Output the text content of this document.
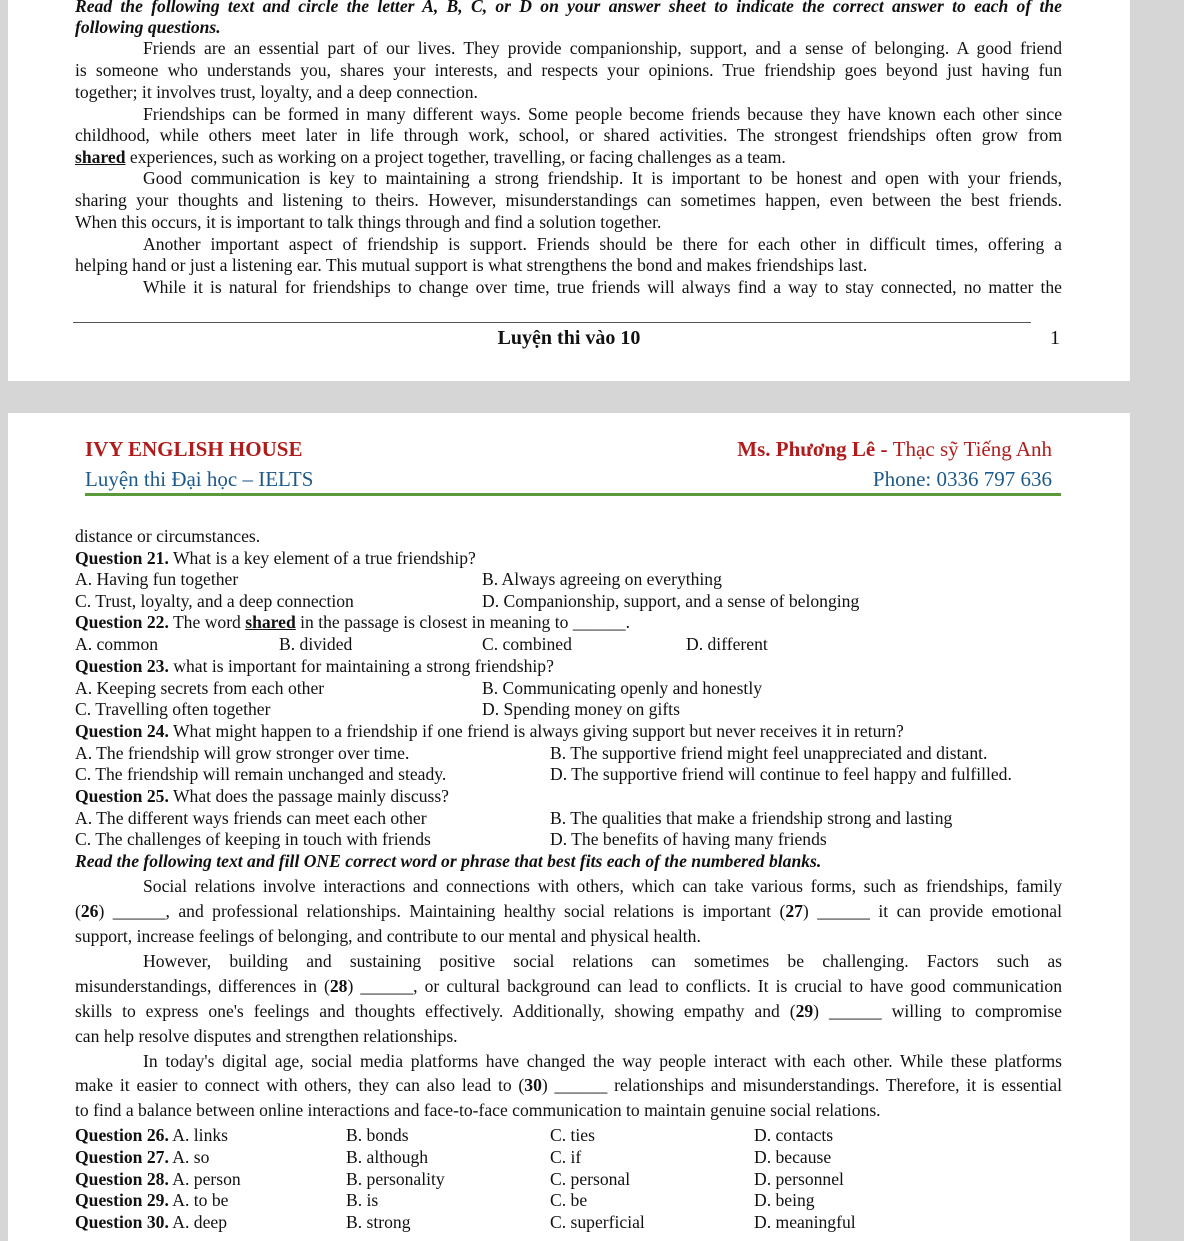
Read the following text and circle the letter A, B, C, or D on your answer sheet to indicate the correct answer to each of the
following questions.
Friends are an essential part of our lives. They provide companionship, support, and a sense of belonging. A good friend
is someone who understands you, shares your interests, and respects your opinions. True friendship goes beyond just having fun
together; it involves trust, loyalty, and a deep connection.
Friendships can be formed in many different ways. Some people become friends because they have known each other since
childhood, while others meet later in life through work, school, or shared activities. The strongest friendships often grow from
shared experiences, such as working on a project together, travelling, or facing challenges as a team.
Good communication is key to maintaining a strong friendship. It is important to be honest and open with your friends,
sharing your thoughts and listening to theirs. However, misunderstandings can sometimes happen, even between the best friends.
When this occurs, it is important to talk things through and find a solution together.
Another important aspect of friendship is support. Friends should be there for each other in difficult times, offering a
helping hand or just a listening ear. This mutual support is what strengthens the bond and makes friendships last.
While it is natural for friendships to change over time, true friends will always find a way to stay connected, no matter the
Luyện thi vào 10	1
IVY ENGLISH HOUSE
Luyện thi Đại học – IELTS
Ms. Phương Lê - Thạc sỹ Tiếng Anh
Phone: 0336 797 636
distance or circumstances.
Question 21. What is a key element of a true friendship?
A. Having fun together	B. Always agreeing on everything
C. Trust, loyalty, and a deep connection	D. Companionship, support, and a sense of belonging
Question 22. The word shared in the passage is closest in meaning to ______.
A. common	B. divided	C. combined	D. different
Question 23. what is important for maintaining a strong friendship?
A. Keeping secrets from each other	B. Communicating openly and honestly
C. Travelling often together	D. Spending money on gifts
Question 24. What might happen to a friendship if one friend is always giving support but never receives it in return?
A. The friendship will grow stronger over time.	B. The supportive friend might feel unappreciated and distant.
C. The friendship will remain unchanged and steady.	D. The supportive friend will continue to feel happy and fulfilled.
Question 25. What does the passage mainly discuss?
A. The different ways friends can meet each other	B. The qualities that make a friendship strong and lasting
C. The challenges of keeping in touch with friends	D. The benefits of having many friends
Read the following text and fill ONE correct word or phrase that best fits each of the numbered blanks.
Social relations involve interactions and connections with others, which can take various forms, such as friendships, family
(26) ______, and professional relationships. Maintaining healthy social relations is important (27) ______ it can provide emotional
support, increase feelings of belonging, and contribute to our mental and physical health.
However, building and sustaining positive social relations can sometimes be challenging. Factors such as
misunderstandings, differences in (28) ______, or cultural background can lead to conflicts. It is crucial to have good communication
skills to express one's feelings and thoughts effectively. Additionally, showing empathy and (29) ______ willing to compromise
can help resolve disputes and strengthen relationships.
In today's digital age, social media platforms have changed the way people interact with each other. While these platforms
make it easier to connect with others, they can also lead to (30) ______ relationships and misunderstandings. Therefore, it is essential
to find a balance between online interactions and face-to-face communication to maintain genuine social relations.
Question 26. A. links	B. bonds	C. ties	D. contacts
Question 27. A. so	B. although	C. if	D. because
Question 28. A. person	B. personality	C. personal	D. personnel
Question 29. A. to be	B. is	C. be	D. being
Question 30. A. deep	B. strong	C. superficial	D. meaningful
